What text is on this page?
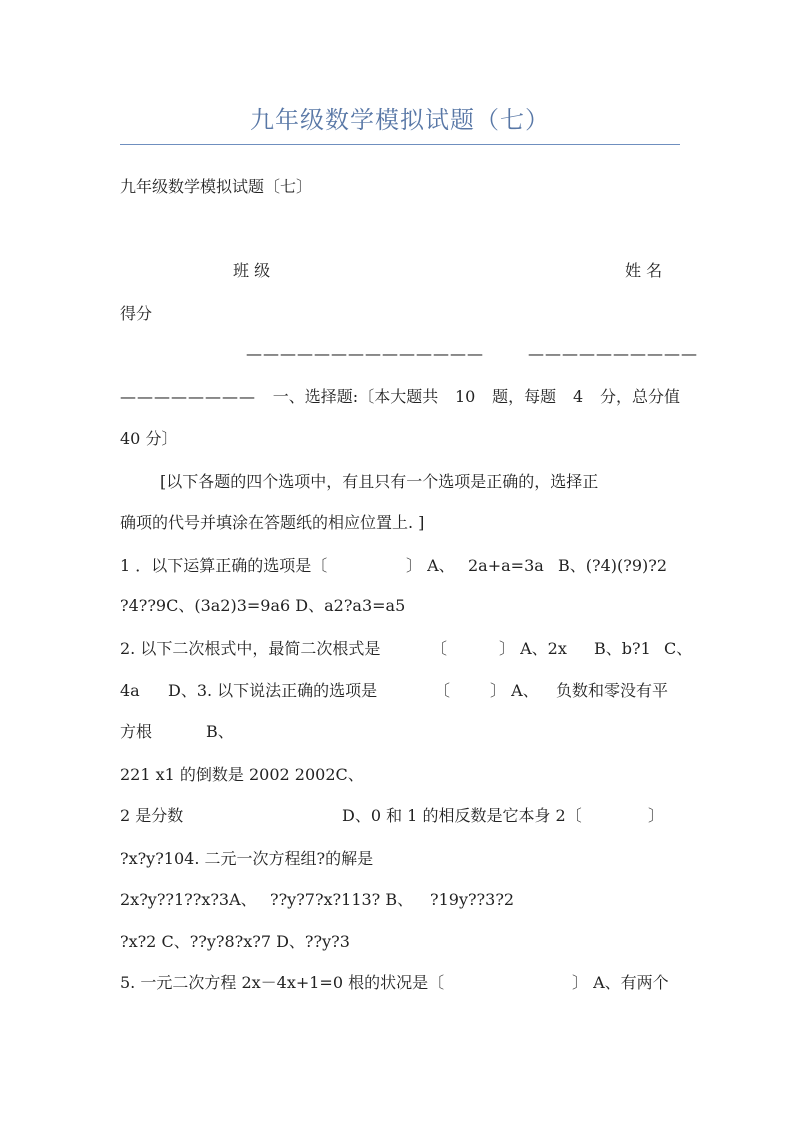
九年级数学模拟试题（七）
九年级数学模拟试题〔七〕
班 级	姓 名
得分
——————————————	——————————
———————— 一、选择题:〔本大题共 10 题，每题 4 分，总分值
40 分〕
[以下各题的四个选项中，有且只有一个选项是正确的，选择正
确项的代号并填涂在答题纸的相应位置上. ]
1 ．以下运算正确的选项是〔	〕 A、 2a+a=3a B、(?4)(?9)?2
?4??9C、(3a2)3=9a6 D、a2?a3=a5
2. 以下二次根式中，最简二次根式是	〔	〕 A、2x B、b?1 C、
4a D、3. 以下说法正确的选项是	〔 〕 A、 负数和零没有平
方根	B、
221 x1 的倒数是 2002 2002C、
2 是分数	D、0 和 1 的相反数是它本身 2〔	〕
?x?y?104. 二元一次方程组?的解是
2x?y??1??x?3A、 ??y?7?x?113? B、 ?19y??3?2
?x?2 C、??y?8?x?7 D、??y?3
5. 一元二次方程 2x－4x+1=0 根的状况是〔	〕 A、有两个
